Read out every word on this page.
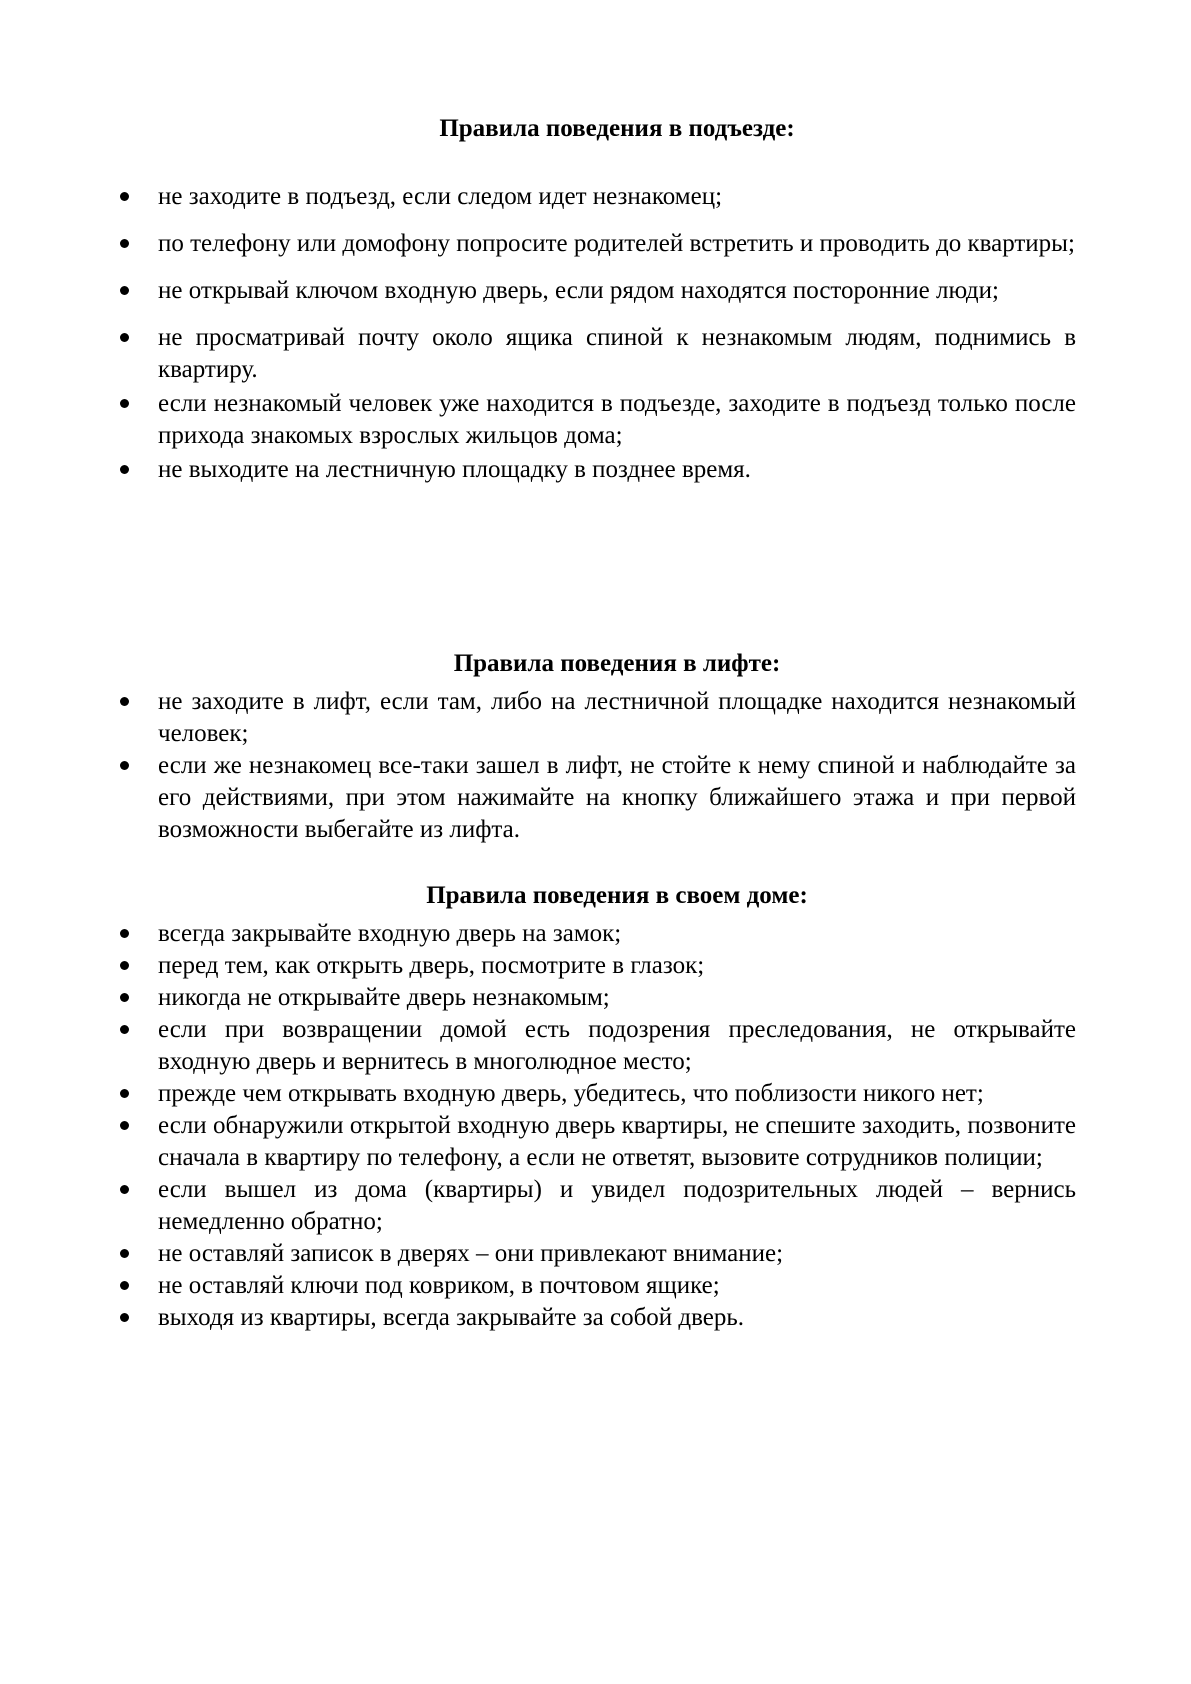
Правила поведения в подъезде:
не заходите в подъезд, если следом идет незнакомец;
по телефону или домофону попросите родителей встретить и проводить до квартиры;
не открывай ключом входную дверь, если рядом находятся посторонние люди;
не просматривай почту около ящика спиной к незнакомым людям, поднимись в квартиру.
если незнакомый человек уже находится в подъезде, заходите в подъезд только после прихода знакомых взрослых жильцов дома;
не выходите на лестничную площадку в позднее время.
Правила поведения в лифте:
не заходите в лифт, если там, либо на лестничной площадке находится незнакомый человек;
если же незнакомец все-таки зашел в лифт, не стойте к нему спиной и наблюдайте за его действиями, при этом нажимайте на кнопку ближайшего этажа и при первой возможности выбегайте из лифта.
Правила поведения в своем доме:
всегда закрывайте входную дверь на замок;
перед тем, как открыть дверь, посмотрите в глазок;
никогда не открывайте дверь незнакомым;
если при возвращении домой есть подозрения преследования, не открывайте входную дверь и вернитесь в многолюдное место;
прежде чем открывать входную дверь, убедитесь, что поблизости никого нет;
если обнаружили открытой входную дверь квартиры, не спешите заходить, позвоните сначала в квартиру по телефону, а если не ответят, вызовите сотрудников полиции;
если вышел из дома (квартиры) и увидел подозрительных людей – вернись немедленно обратно;
не оставляй записок в дверях – они привлекают внимание;
не оставляй ключи под ковриком, в почтовом ящике;
выходя из квартиры, всегда закрывайте за собой дверь.
